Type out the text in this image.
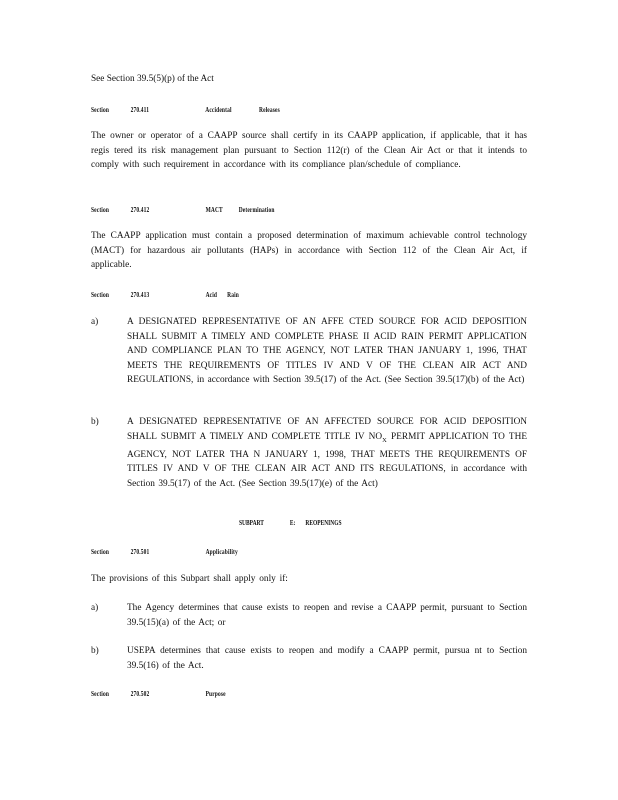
See Section 39.5(5)(p) of the Act
Section	270.411	Accidental	Releases
The owner or operator of a CAAPP source shall certify in its CAAPP application, if applicable, that it has regis tered its risk management plan pursuant to Section 112(r) of the Clean Air Act or that it intends to comply with such requirement in accordance with its compliance plan/schedule of compliance.
Section	270.412	MACT Determination
The CAAPP application must contain a proposed determination of maximum achievable control technology (MACT) for hazardous air pollutants (HAPs) in accordance with Section 112 of the Clean Air Act, if applicable.
Section	270.413	Acid Rain
a)	A DESIGNATED REPRESENTATIVE OF AN AFFE CTED SOURCE FOR ACID DEPOSITION SHALL SUBMIT A TIMELY AND COMPLETE PHASE II ACID RAIN PERMIT APPLICATION AND COMPLIANCE PLAN TO THE AGENCY, NOT LATER THAN JANUARY 1, 1996, THAT MEETS THE REQUIREMENTS OF TITLES IV AND V OF THE CLEAN AIR ACT AND REGULATIONS, in accordance with Section 39.5(17) of the Act. (See Section 39.5(17)(b) of the Act)
b)	A DESIGNATED REPRESENTATIVE OF AN AFFECTED SOURCE FOR ACID DEPOSITION SHALL SUBMIT A TIMELY AND COMPLETE TITLE IV $NO_X$ PERMIT APPLICATION TO THE AGENCY, NOT LATER THA N JANUARY 1, 1998, THAT MEETS THE REQUIREMENTS OF TITLES IV AND V OF THE CLEAN AIR ACT AND ITS REGULATIONS, in accordance with Section 39.5(17) of the Act. (See Section 39.5(17)(e) of the Act)
SUBPART	E: REOPENINGS
Section	270.501	Applicability
The provisions of this Subpart shall apply only if:
a)	The Agency determines that cause exists to reopen and revise a CAAPP permit, pursuant to Section 39.5(15)(a) of the Act; or
b)	USEPA determines that cause exists to reopen and modify a CAAPP permit, pursua nt to Section 39.5(16) of the Act.
Section	270.502	Purpose
